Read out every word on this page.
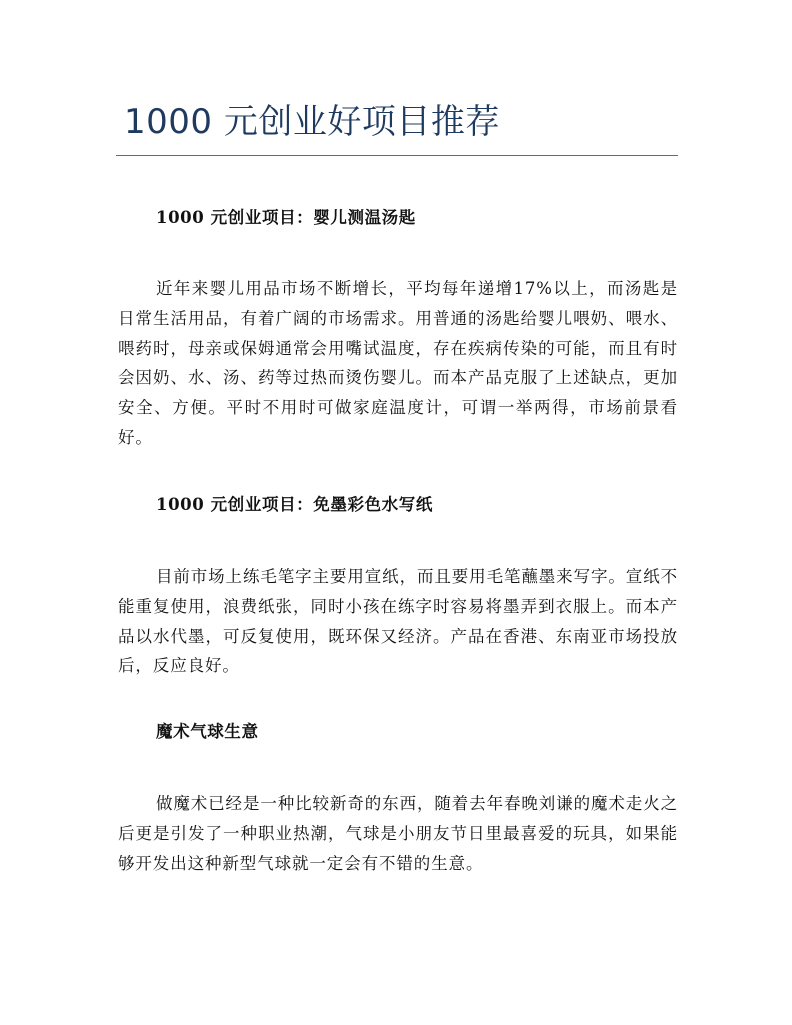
1000 元创业好项目推荐
1000 元创业项目：婴儿测温汤匙

近年来婴儿用品市场不断增长，平均每年递增17%以上，而汤匙是日常生活用品，有着广阔的市场需求。用普通的汤匙给婴儿喂奶、喂水、喂药时，母亲或保姆通常会用嘴试温度，存在疾病传染的可能，而且有时会因奶、水、汤、药等过热而烫伤婴儿。而本产品克服了上述缺点，更加安全、方便。平时不用时可做家庭温度计，可谓一举两得，市场前景看好。

1000 元创业项目：免墨彩色水写纸

目前市场上练毛笔字主要用宣纸，而且要用毛笔蘸墨来写字。宣纸不能重复使用，浪费纸张，同时小孩在练字时容易将墨弄到衣服上。而本产品以水代墨，可反复使用，既环保又经济。产品在香港、东南亚市场投放后，反应良好。

魔术气球生意

做魔术已经是一种比较新奇的东西，随着去年春晚刘谦的魔术走火之后更是引发了一种职业热潮，气球是小朋友节日里最喜爱的玩具，如果能够开发出这种新型气球就一定会有不错的生意。
